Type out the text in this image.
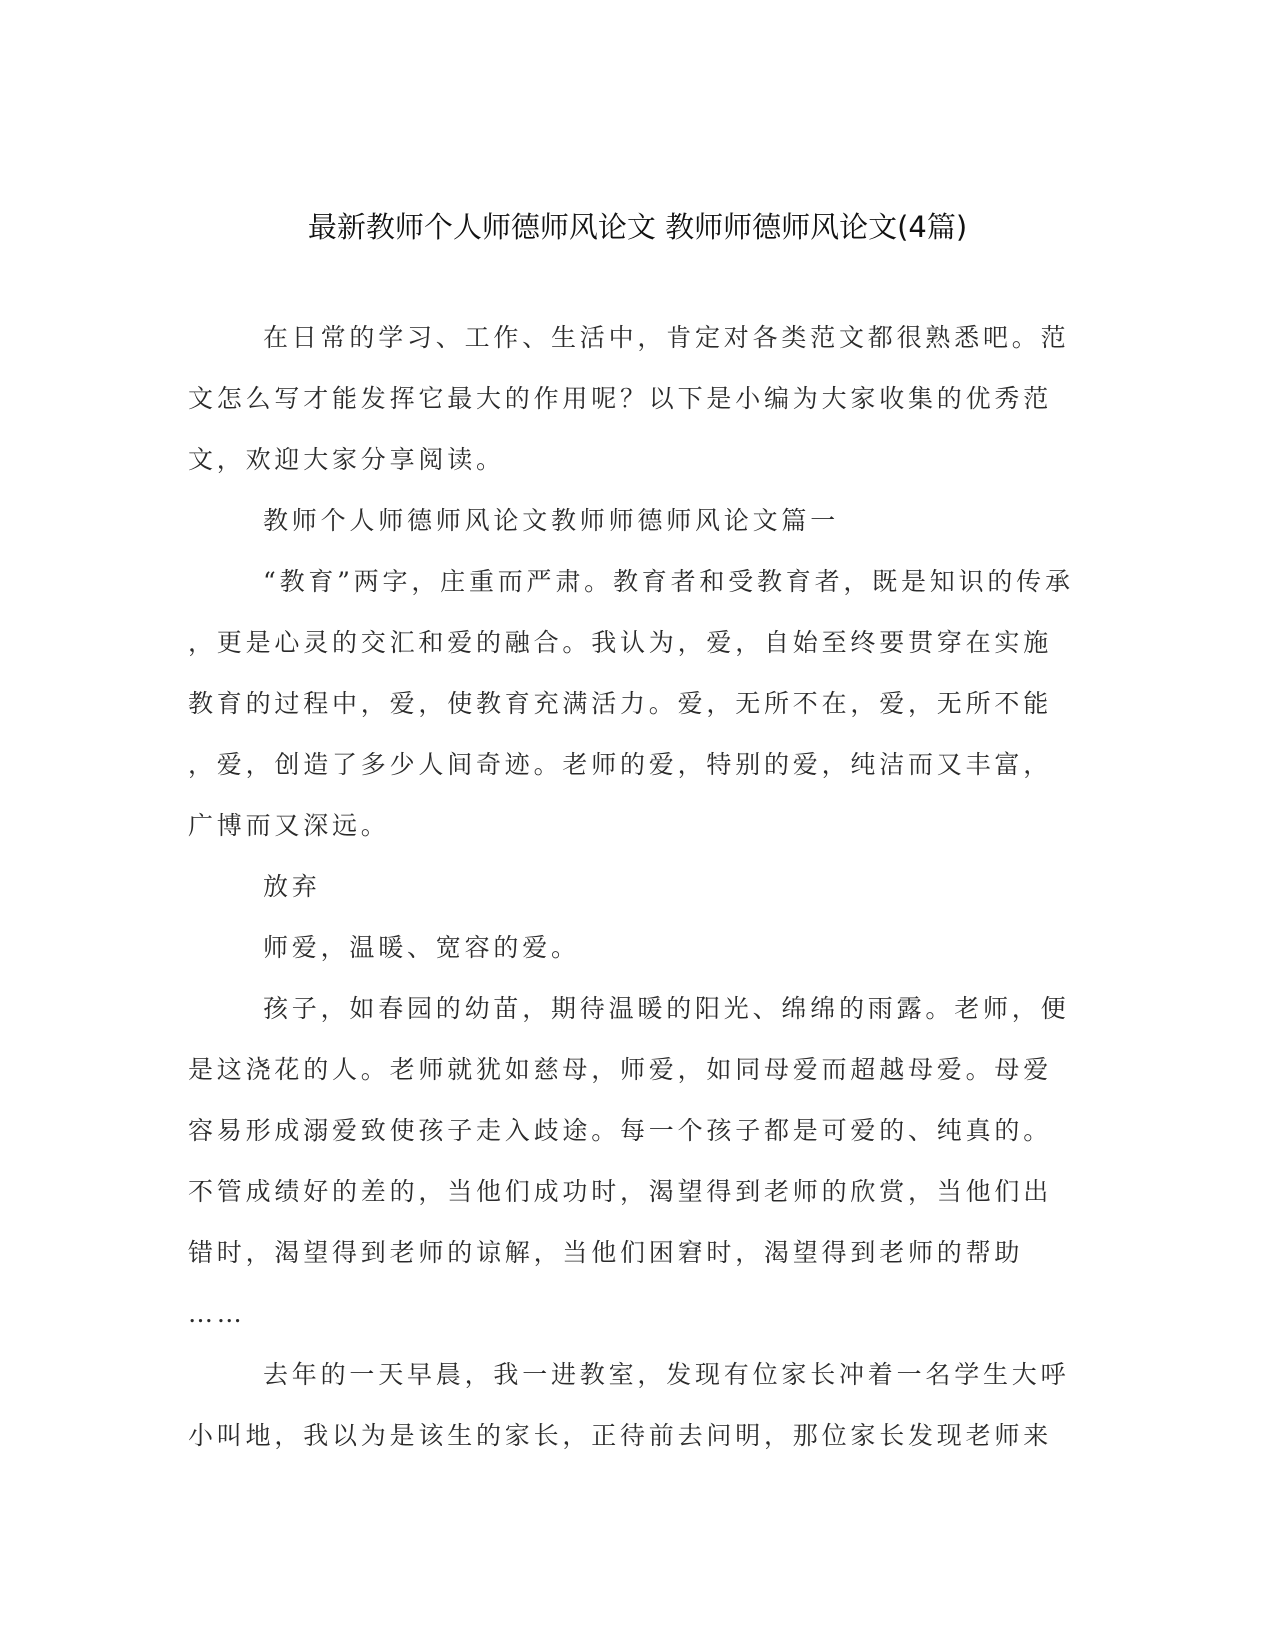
最新教师个人师德师风论文 教师师德师风论文(4篇)

在日常的学习、工作、生活中，肯定对各类范文都很熟悉吧。范
文怎么写才能发挥它最大的作用呢？以下是小编为大家收集的优秀范
文，欢迎大家分享阅读。

教师个人师德师风论文教师师德师风论文篇一

“教育”两字，庄重而严肃。教育者和受教育者，既是知识的传承
，更是心灵的交汇和爱的融合。我认为，爱，自始至终要贯穿在实施
教育的过程中，爱，使教育充满活力。爱，无所不在，爱，无所不能
，爱，创造了多少人间奇迹。老师的爱，特别的爱，纯洁而又丰富，
广博而又深远。

放弃

师爱，温暖、宽容的爱。

孩子，如春园的幼苗，期待温暖的阳光、绵绵的雨露。老师，便
是这浇花的人。老师就犹如慈母，师爱，如同母爱而超越母爱。母爱
容易形成溺爱致使孩子走入歧途。每一个孩子都是可爱的、纯真的。
不管成绩好的差的，当他们成功时，渴望得到老师的欣赏，当他们出
错时，渴望得到老师的谅解，当他们困窘时，渴望得到老师的帮助
……

去年的一天早晨，我一进教室，发现有位家长冲着一名学生大呼
小叫地，我以为是该生的家长，正待前去问明，那位家长发现老师来
